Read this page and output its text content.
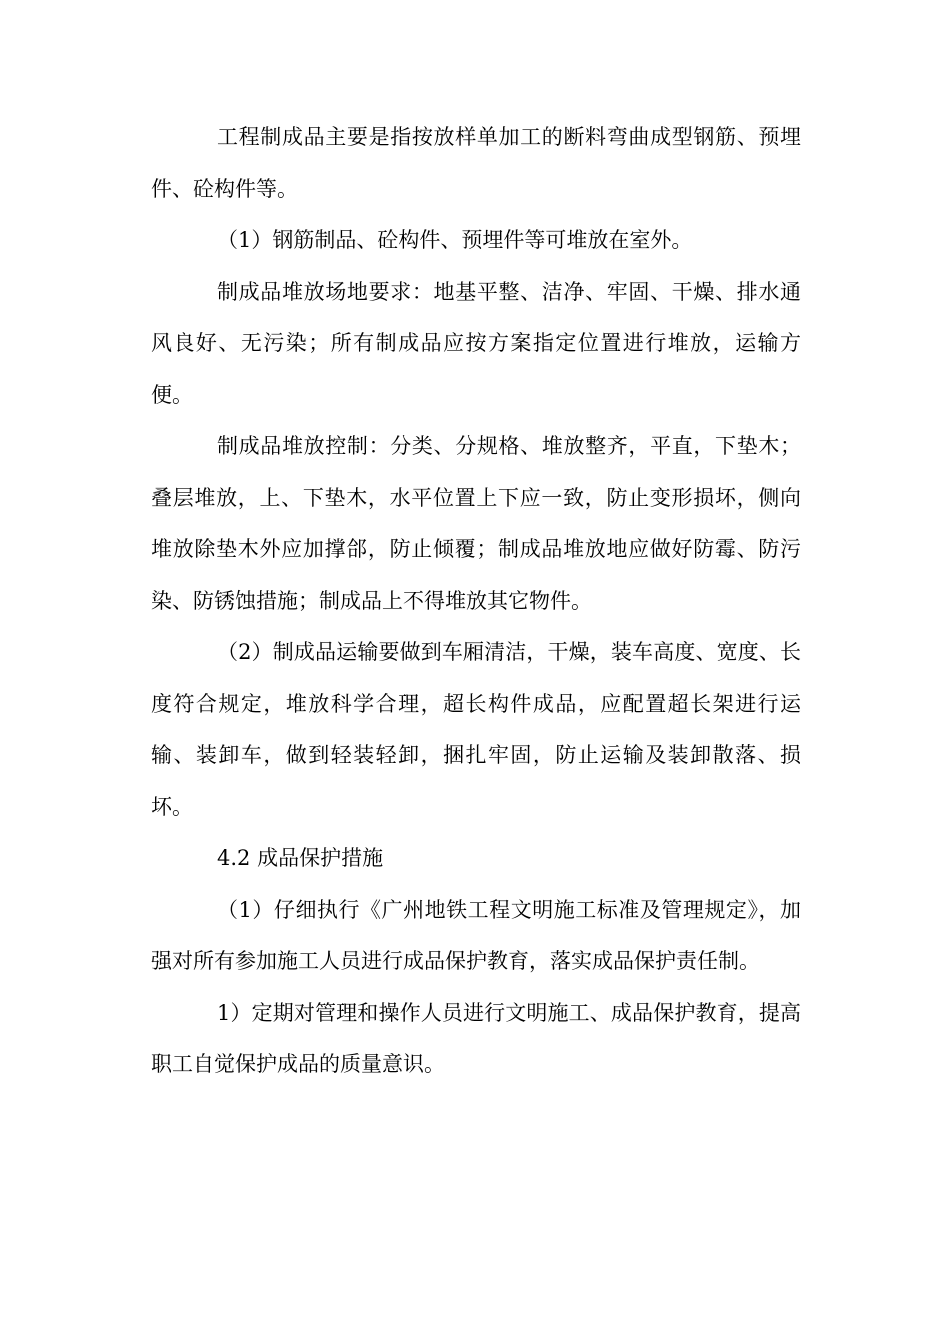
工程制成品主要是指按放样单加工的断料弯曲成型钢筋、预埋件、砼构件等。

（1）钢筋制品、砼构件、预埋件等可堆放在室外。

制成品堆放场地要求：地基平整、洁净、牢固、干燥、排水通风良好、无污染；所有制成品应按方案指定位置进行堆放，运输方便。

制成品堆放控制：分类、分规格、堆放整齐，平直，下垫木；叠层堆放，上、下垫木，水平位置上下应一致，防止变形损坏，侧向堆放除垫木外应加撑郃，防止倾覆；制成品堆放地应做好防霉、防污染、防锈蚀措施；制成品上不得堆放其它物件。

（2）制成品运输要做到车厢清洁，干燥，装车高度、宽度、长度符合规定，堆放科学合理，超长构件成品，应配置超长架进行运输、装卸车，做到轻装轻卸，捆扎牢固，防止运输及装卸散落、损坏。

4.2 成品保护措施

（1）仔细执行《广州地铁工程文明施工标准及管理规定》，加强对所有参加施工人员进行成品保护教育，落实成品保护责任制。

1）定期对管理和操作人员进行文明施工、成品保护教育，提高职工自觉保护成品的质量意识。
